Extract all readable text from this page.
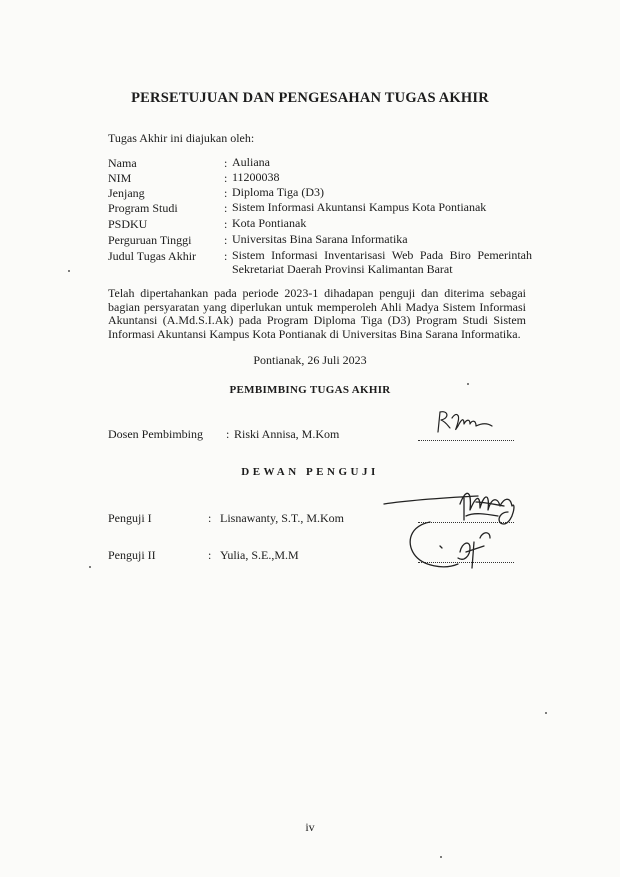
PERSETUJUAN DAN PENGESAHAN TUGAS AKHIR
Tugas Akhir ini diajukan oleh:
Nama	: Auliana
NIM	: 11200038
Jenjang	: Diploma Tiga (D3)
Program Studi	: Sistem Informasi Akuntansi Kampus Kota Pontianak
PSDKU	: Kota Pontianak
Perguruan Tinggi	: Universitas Bina Sarana Informatika
Judul Tugas Akhir : Sistem Informasi Inventarisasi Web Pada Biro Pemerintah Sekretariat Daerah Provinsi Kalimantan Barat
Telah dipertahankan pada periode 2023-1 dihadapan penguji dan diterima sebagai bagian persyaratan yang diperlukan untuk memperoleh Ahli Madya Sistem Informasi Akuntansi (A.Md.S.I.Ak) pada Program Diploma Tiga (D3) Program Studi Sistem Informasi Akuntansi Kampus Kota Pontianak di Universitas Bina Sarana Informatika.
Pontianak, 26 Juli 2023
PEMBIMBING TUGAS AKHIR
Dosen Pembimbing : Riski Annisa, M.Kom
DEWAN PENGUJI
Penguji I	: Lisnawanty, S.T., M.Kom
Penguji II	: Yulia, S.E.,M.M
iv
